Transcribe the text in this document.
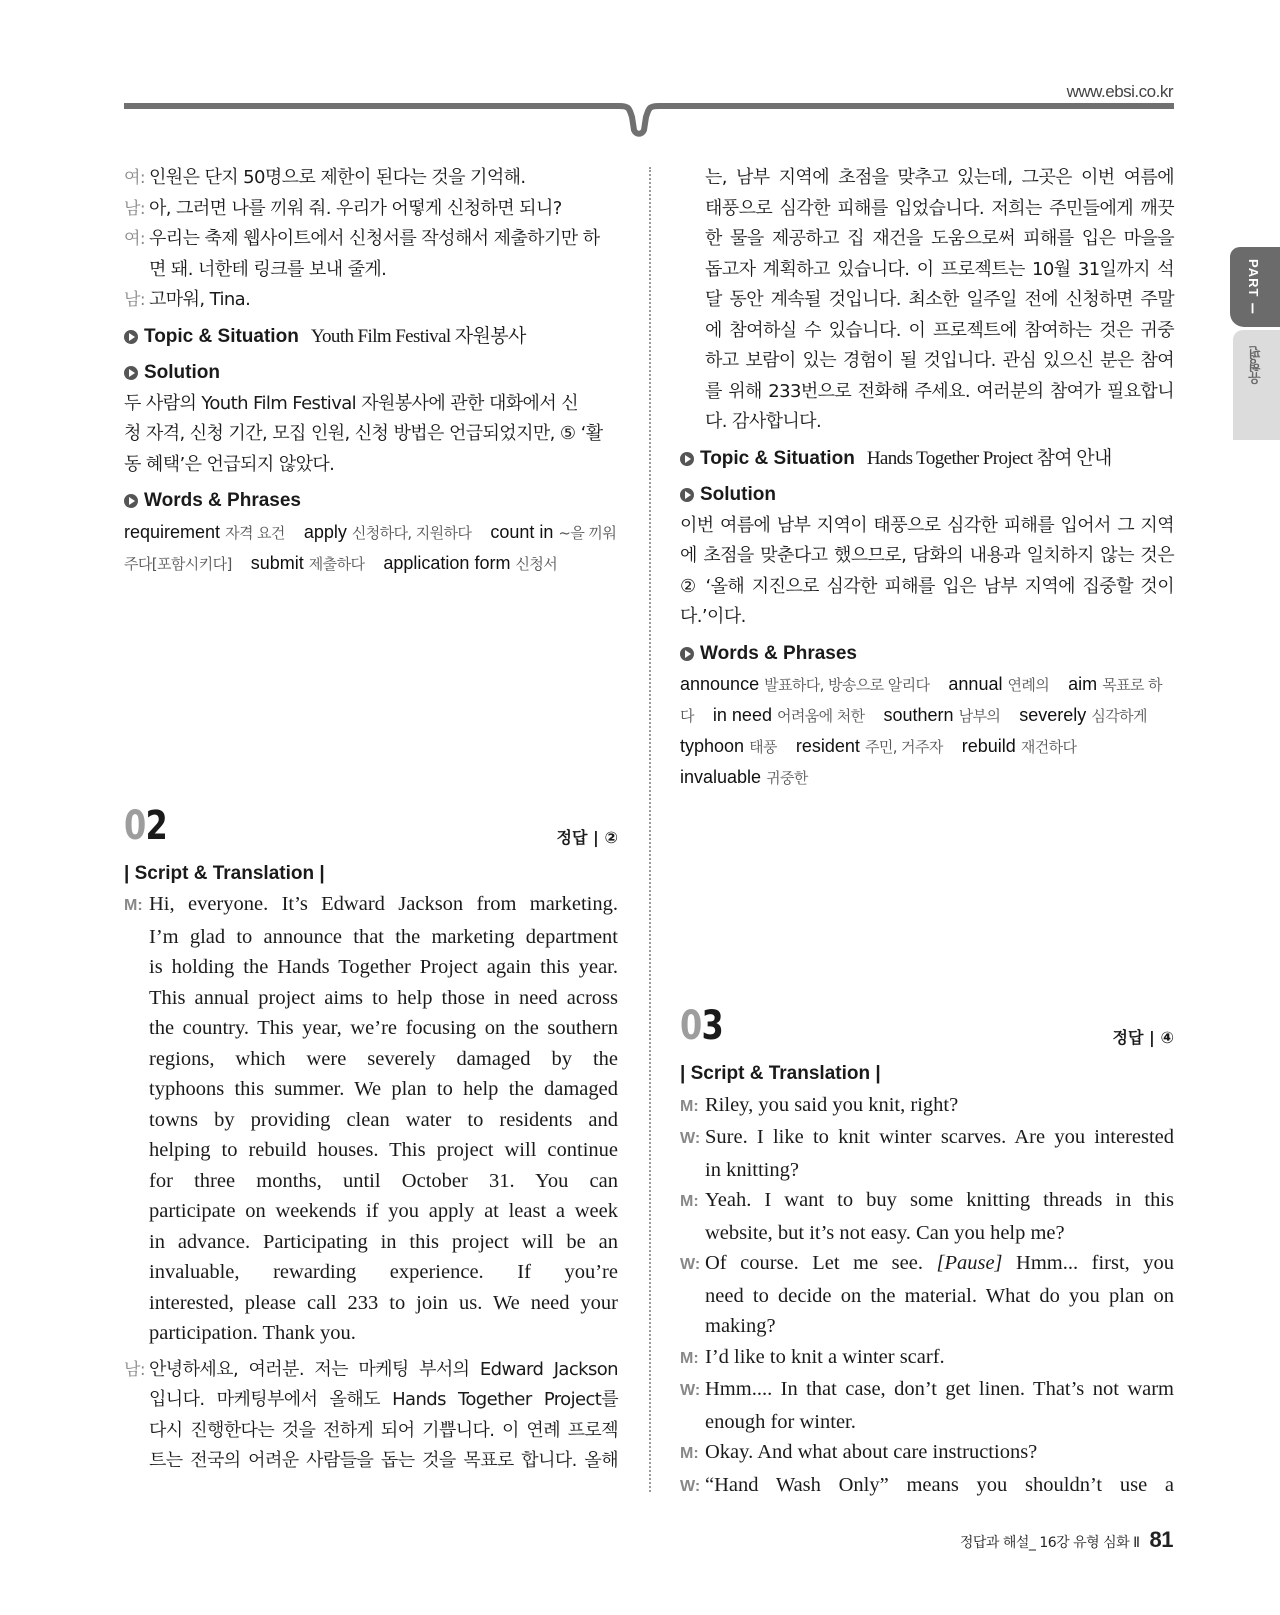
www.ebsi.co.kr
PART Ⅰ
유형편
여: 인원은 단지 50명으로 제한이 된다는 것을 기억해.
남: 아, 그러면 나를 끼워 줘. 우리가 어떻게 신청하면 되니?
여: 우리는 축제 웹사이트에서 신청서를 작성해서 제출하기만 하
면 돼. 너한테 링크를 보내 줄게.
남: 고마워, Tina.
Topic & Situation Youth Film Festival 자원봉사
Solution
두 사람의 Youth Film Festival 자원봉사에 관한 대화에서 신
청 자격, 신청 기간, 모집 인원, 신청 방법은 언급되었지만, ⑤ ‘활
동 혜택’은 언급되지 않았다.
Words & Phrases
requirement 자격 요건 apply 신청하다, 지원하다 count in ~을 끼워 주다[포함시키다] submit 제출하다 application form 신청서
02	정답 | ②
| Script & Translation |
M: Hi, everyone. It’s Edward Jackson from marketing.
I’m glad to announce that the marketing department
is holding the Hands Together Project again this year.
This annual project aims to help those in need across
the country. This year, we’re focusing on the southern
regions, which were severely damaged by the
typhoons this summer. We plan to help the damaged
towns by providing clean water to residents and
helping to rebuild houses. This project will continue
for three months, until October 31. You can
participate on weekends if you apply at least a week
in advance. Participating in this project will be an
invaluable, rewarding experience. If you’re
interested, please call 233 to join us. We need your
participation. Thank you.
남: 안녕하세요, 여러분. 저는 마케팅 부서의 Edward Jackson
입니다. 마케팅부에서 올해도 Hands Together Project를
다시 진행한다는 것을 전하게 되어 기쁩니다. 이 연례 프로젝
트는 전국의 어려운 사람들을 돕는 것을 목표로 합니다. 올해
는, 남부 지역에 초점을 맞추고 있는데, 그곳은 이번 여름에
태풍으로 심각한 피해를 입었습니다. 저희는 주민들에게 깨끗
한 물을 제공하고 집 재건을 도움으로써 피해를 입은 마을을
돕고자 계획하고 있습니다. 이 프로젝트는 10월 31일까지 석
달 동안 계속될 것입니다. 최소한 일주일 전에 신청하면 주말
에 참여하실 수 있습니다. 이 프로젝트에 참여하는 것은 귀중
하고 보람이 있는 경험이 될 것입니다. 관심 있으신 분은 참여
를 위해 233번으로 전화해 주세요. 여러분의 참여가 필요합니
다. 감사합니다.
Topic & Situation Hands Together Project 참여 안내
Solution
이번 여름에 남부 지역이 태풍으로 심각한 피해를 입어서 그 지역
에 초점을 맞춘다고 했으므로, 담화의 내용과 일치하지 않는 것은
② ‘올해 지진으로 심각한 피해를 입은 남부 지역에 집중할 것이
다.’이다.
Words & Phrases
announce 발표하다, 방송으로 알리다 annual 연례의 aim 목표로 하다 in need 어려움에 처한 southern 남부의 severely 심각하게 typhoon 태풍 resident 주민, 거주자 rebuild 재건하다 invaluable 귀중한
03	정답 | ④
| Script & Translation |
M: Riley, you said you knit, right?
W: Sure. I like to knit winter scarves. Are you interested
in knitting?
M: Yeah. I want to buy some knitting threads in this
website, but it’s not easy. Can you help me?
W: Of course. Let me see. [Pause] Hmm... first, you
need to decide on the material. What do you plan on
making?
M: I’d like to knit a winter scarf.
W: Hmm.... In that case, don’t get linen. That’s not warm
enough for winter.
M: Okay. And what about care instructions?
W: “Hand Wash Only” means you shouldn’t use a
정답과 해설_ 16강 유형 심화 Ⅱ 81
